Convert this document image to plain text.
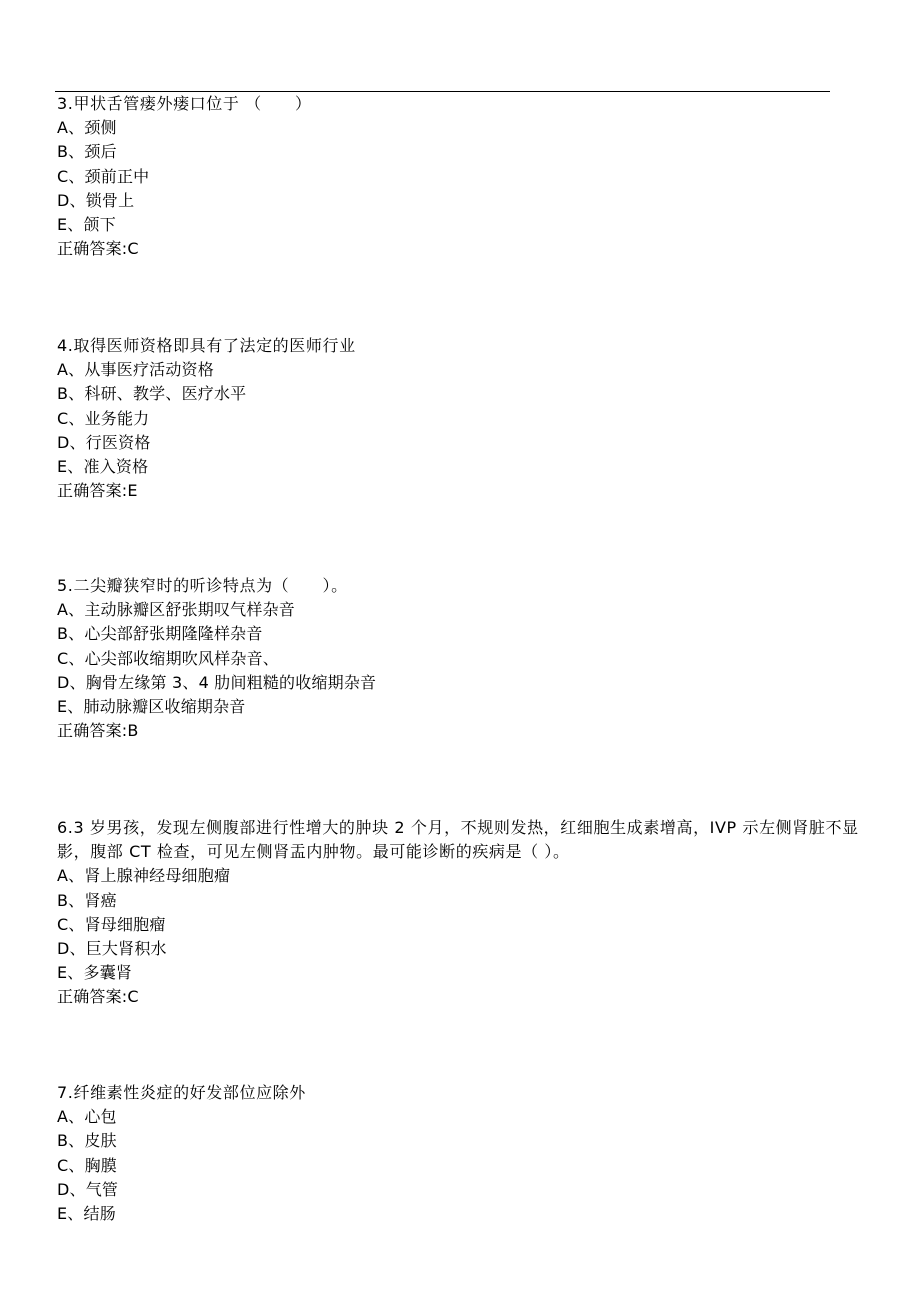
3.甲状舌管瘘外瘘口位于 （　　）
A、颈侧
B、颈后
C、颈前正中
D、锁骨上
E、颌下
正确答案:C
4.取得医师资格即具有了法定的医师行业
A、从事医疗活动资格
B、科研、教学、医疗水平
C、业务能力
D、行医资格
E、准入资格
正确答案:E
5.二尖瓣狭窄时的听诊特点为（　　）。
A、主动脉瓣区舒张期叹气样杂音
B、心尖部舒张期隆隆样杂音
C、心尖部收缩期吹风样杂音、
D、胸骨左缘第 3、4 肋间粗糙的收缩期杂音
E、肺动脉瓣区收缩期杂音
正确答案:B
6.3 岁男孩，发现左侧腹部进行性增大的肿块 2 个月，不规则发热，红细胞生成素增高，IVP 示左侧肾脏不显影，腹部 CT 检查，可见左侧肾盂内肿物。最可能诊断的疾病是（ ）。
A、肾上腺神经母细胞瘤
B、肾癌
C、肾母细胞瘤
D、巨大肾积水
E、多囊肾
正确答案:C
7.纤维素性炎症的好发部位应除外
A、心包
B、皮肤
C、胸膜
D、气管
E、结肠
